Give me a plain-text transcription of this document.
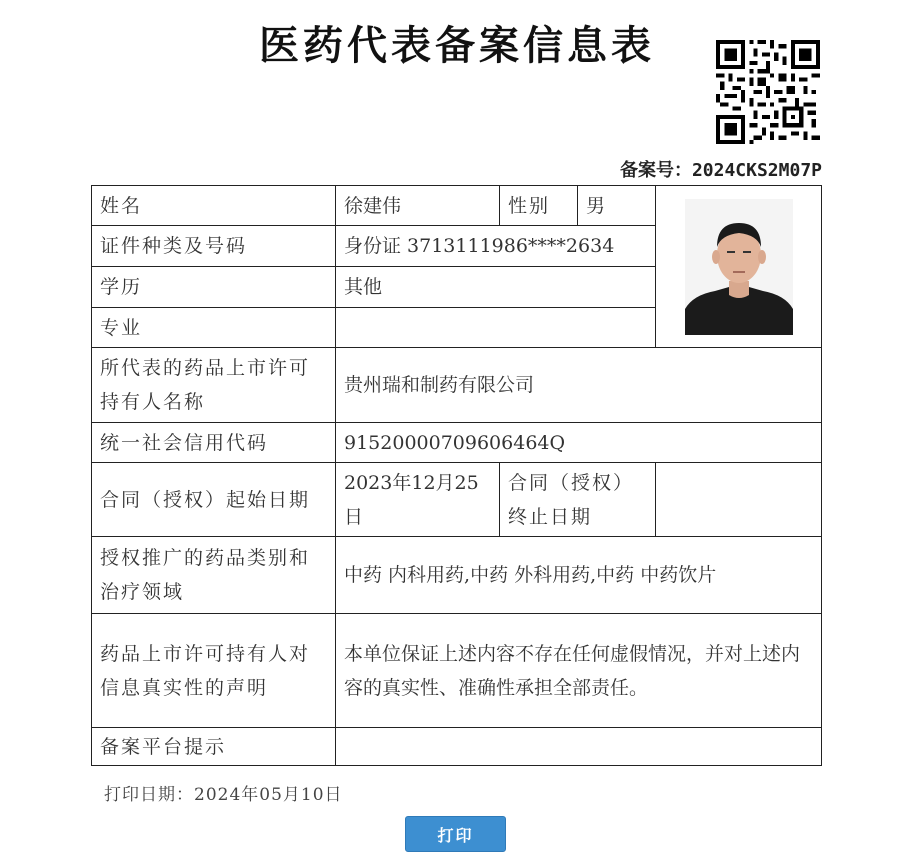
医药代表备案信息表
备案号：2024CKS2M07P
姓名	徐建伟	性别	男	

证件种类及号码	身份证 3713111986****2634			
学历	其他			
专业				
所代表的药品上市许可持有人名称	贵州瑞和制药有限公司			
统一社会信用代码	91520000709606464Q			
合同（授权）起始日期	2023年12月25日	合同（授权）终止日期		
授权推广的药品类别和治疗领域	中药 内科用药,中药 外科用药,中药 中药饮片			
药品上市许可持有人对信息真实性的声明	本单位保证上述内容不存在任何虚假情况，并对上述内容的真实性、准确性承担全部责任。			
备案平台提示				
打印日期：2024年05月10日
打印
